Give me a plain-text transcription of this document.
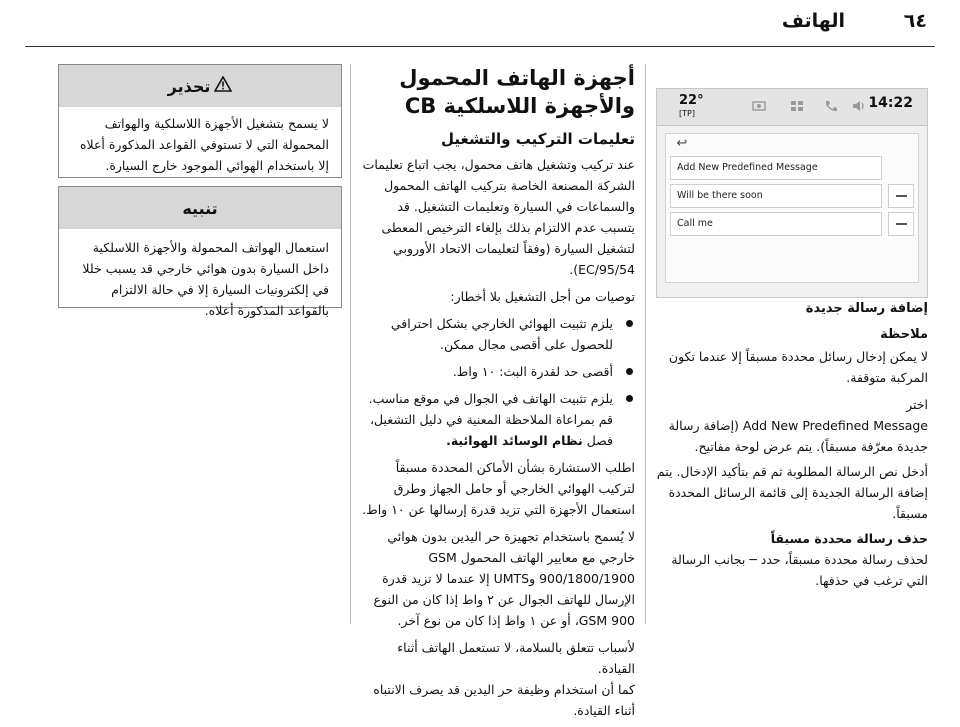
الهاتف	٦٤
تحذير
لا يسمح بتشغيل الأجهزة اللاسلكية والهواتف المحمولة التي لا تستوفي القواعد المذكورة أعلاه إلا باستخدام الهوائي الموجود خارج السيارة.
تنبيه
استعمال الهواتف المحمولة والأجهزة اللاسلكية داخل السيارة بدون هوائي خارجي قد يسبب خللا في إلكترونيات السيارة إلا في حالة الالتزام بالقواعد المذكورة أعلاه.
أجهزة الهاتف المحمول والأجهزة اللاسلكية CB
تعليمات التركيب والتشغيل
عند تركيب وتشغيل هاتف محمول، يجب اتباع تعليمات الشركة المصنعة الخاصة بتركيب الهاتف المحمول والسماعات في السيارة وتعليمات التشغيل. قد يتسبب عدم الالتزام بذلك بإلغاء الترخيص المعطى لتشغيل السيارة (وفقاً لتعليمات الاتحاد الأوروبي 95/54/EC).
توصيات من أجل التشغيل بلا أخطار:
يلزم تثبيت الهوائي الخارجي بشكل احترافي للحصول على أقصى مجال ممكن.
أقصى حد لقدرة البث: ١٠ واط.
يلزم تثبيت الهاتف في الجوال في موقع مناسب. قم بمراعاة الملاحظة المعنية في دليل التشغيل، فصل نظام الوسائد الهوائية.
اطلب الاستشارة بشأن الأماكن المحددة مسبقاً لتركيب الهوائي الخارجي أو حامل الجهاز وطرق استعمال الأجهزة التي تزيد قدرة إرسالها عن ١٠ واط.
لا يُسمح باستخدام تجهيزة حر اليدين بدون هوائي خارجي مع معايير الهاتف المحمول GSM 900/1800/1900 وUMTS إلا عندما لا تزيد قدرة الإرسال للهاتف الجوال عن ٢ واط إذا كان من النوع GSM 900، أو عن ١ واط إذا كان من نوع آخر.
لأسباب تتعلق بالسلامة، لا تستعمل الهاتف أثناء القيادة.
كما أن استخدام وظيفة حر اليدين قد يصرف الانتباه أثناء القيادة.
22°
[TP]
14:22
↩
Add New Predefined Message
Will be there soon
Call me
إضافة رسالة جديدة
ملاحظة
لا يمكن إدخال رسائل محددة مسبقاً إلا عندما تكون المركبة متوقفة.
اختر
Add New Predefined Message (إضافة رسالة جديدة معرّفة مسبقاً). يتم عرض لوحة مفاتيح.
أدخل نص الرسالة المطلوبة ثم قم بتأكيد الإدخال. يتم إضافة الرسالة الجديدة إلى قائمة الرسائل المحددة مسبقاً.
حذف رسالة محددة مسبقاً
لحذف رسالة محددة مسبقاً، حدد ─ بجانب الرسالة التي ترغب في حذفها.
